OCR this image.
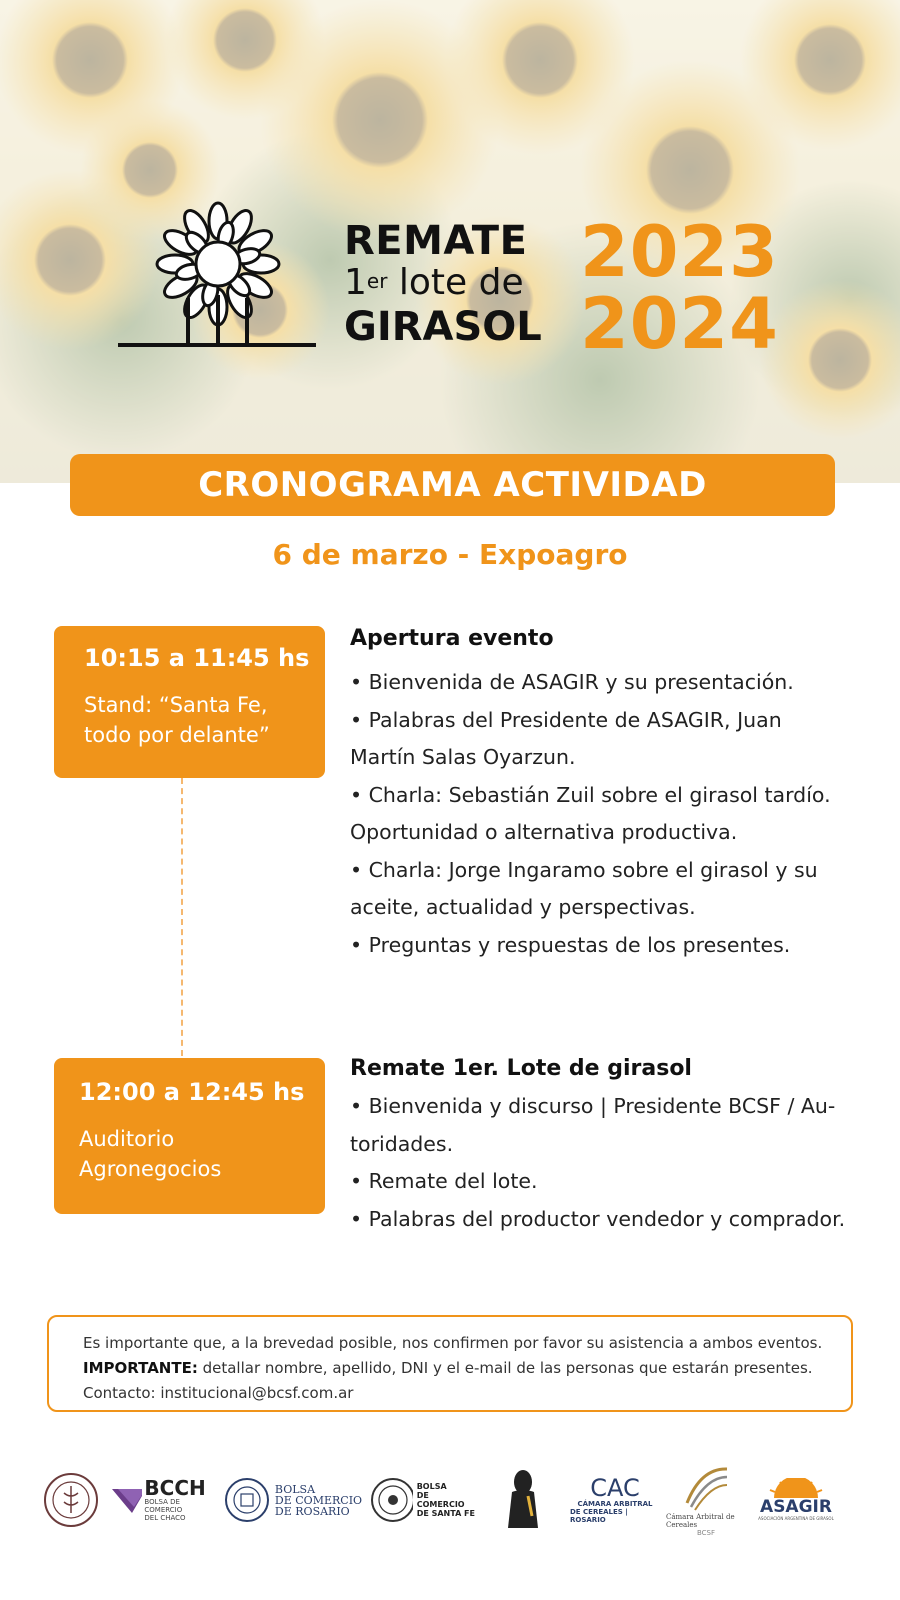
REMATE
1er lote de
GIRASOL
2023
2024
CRONOGRAMA ACTIVIDAD
6 de marzo - Expoagro
10:15 a 11:45 hs
Stand: “Santa Fe,
todo por delante”
Apertura evento
• Bienvenida de ASAGIR y su presentación.
• Palabras del Presidente de ASAGIR, Juan
Martín Salas Oyarzun.
• Charla: Sebastián Zuil sobre el girasol tardío.
Oportunidad o alternativa productiva.
• Charla: Jorge Ingaramo sobre el girasol y su
aceite, actualidad y perspectivas.
• Preguntas y respuestas de los presentes.
12:00 a 12:45 hs
Auditorio
Agronegocios
Remate 1er. Lote de girasol
• Bienvenida y discurso | Presidente BCSF / Au-
toridades.
• Remate del lote.
• Palabras del productor vendedor y comprador.
Es importante que, a la brevedad posible, nos confirmen por favor su asistencia a ambos eventos.
IMPORTANTE: detallar nombre, apellido, DNI y el e-mail de las personas que estarán presentes.
Contacto: institucional@bcsf.com.ar
BCCH
BOLSA DE COMERCIO
DEL CHACO
BOLSA
DE COMERCIO
DE ROSARIO
BOLSA
DE COMERCIO
DE SANTA FE
CAC
CÁMARA ARBITRAL
DE CEREALES | ROSARIO	Cámara Arbitral de Cereales
BCSF
ASAGIR
ASOCIACIÓN ARGENTINA DE GIRASOL
